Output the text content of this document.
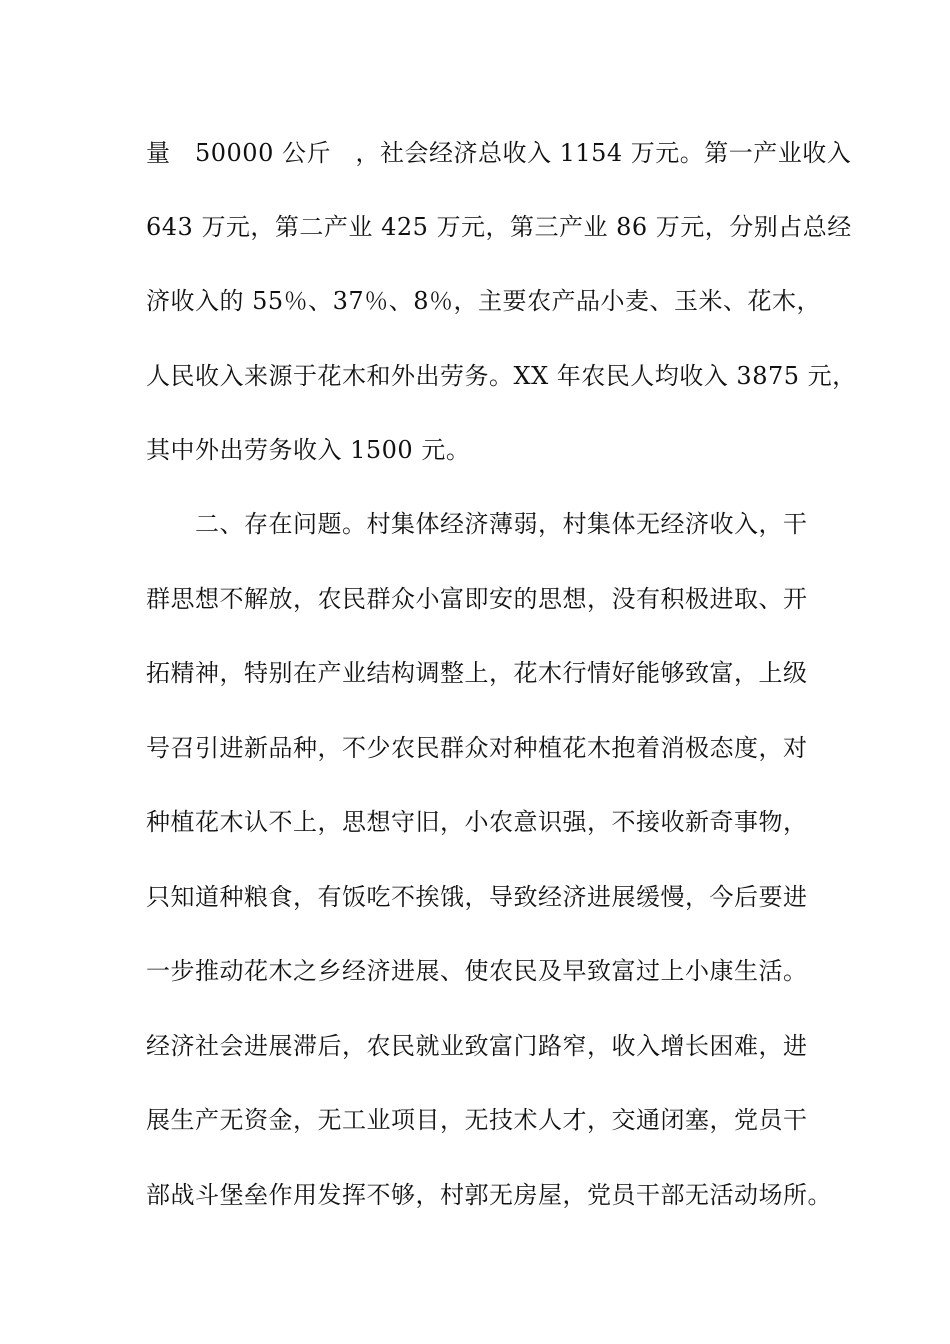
量　50000 公斤　，社会经济总收入 1154 万元。第一产业收入
643 万元，第二产业 425 万元，第三产业 86 万元，分别占总经
济收入的 55％、37％、8％，主要农产品小麦、玉米、花木，
人民收入来源于花木和外出劳务。XX 年农民人均收入 3875 元，
其中外出劳务收入 1500 元。
　　二、存在问题。村集体经济薄弱，村集体无经济收入，干
群思想不解放，农民群众小富即安的思想，没有积极进取、开
拓精神，特别在产业结构调整上，花木行情好能够致富，上级
号召引进新品种，不少农民群众对种植花木抱着消极态度，对
种植花木认不上，思想守旧，小农意识强，不接收新奇事物，
只知道种粮食，有饭吃不挨饿，导致经济进展缓慢，今后要进
一步推动花木之乡经济进展、使农民及早致富过上小康生活。
经济社会进展滞后，农民就业致富门路窄，收入增长困难，进
展生产无资金，无工业项目，无技术人才，交通闭塞，党员干
部战斗堡垒作用发挥不够，村郭无房屋，党员干部无活动场所。
